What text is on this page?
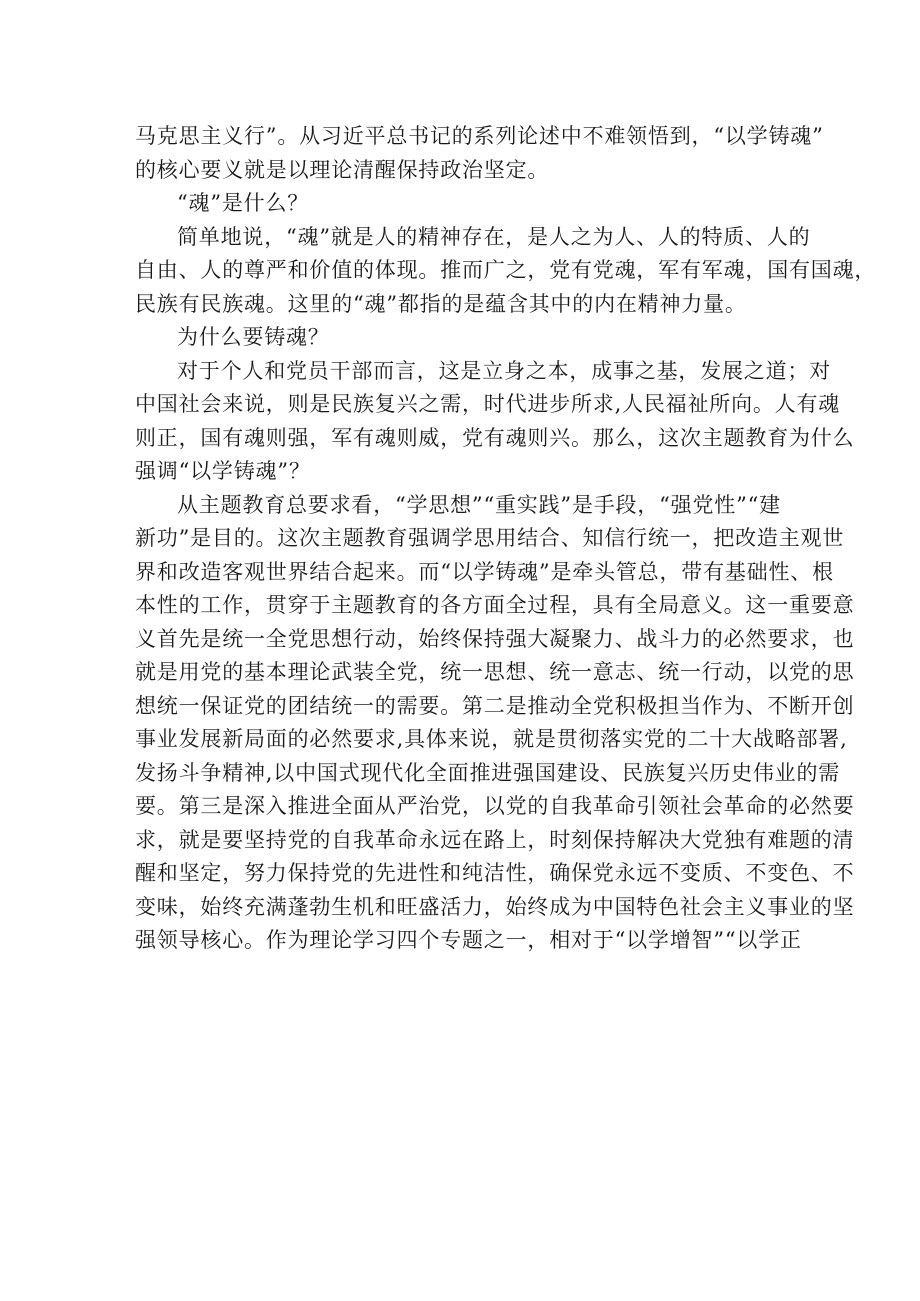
马克思主义行”。从习近平总书记的系列论述中不难领悟到，“以学铸魂”
的核心要义就是以理论清醒保持政治坚定。
“魂”是什么？
简单地说，“魂”就是人的精神存在，是人之为人、人的特质、人的
自由、人的尊严和价值的体现。推而广之，党有党魂，军有军魂，国有国魂，
民族有民族魂。这里的“魂”都指的是蕴含其中的内在精神力量。
为什么要铸魂？
对于个人和党员干部而言，这是立身之本，成事之基，发展之道；对
中国社会来说，则是民族复兴之需，时代进步所求,人民福祉所向。人有魂
则正，国有魂则强，军有魂则威，党有魂则兴。那么，这次主题教育为什么
强调“以学铸魂”？
从主题教育总要求看，“学思想”“重实践”是手段，“强党性”“建
新功”是目的。这次主题教育强调学思用结合、知信行统一，把改造主观世
界和改造客观世界结合起来。而“以学铸魂”是牵头管总，带有基础性、根
本性的工作，贯穿于主题教育的各方面全过程，具有全局意义。这一重要意
义首先是统一全党思想行动，始终保持强大凝聚力、战斗力的必然要求，也
就是用党的基本理论武装全党，统一思想、统一意志、统一行动，以党的思
想统一保证党的团结统一的需要。第二是推动全党积极担当作为、不断开创
事业发展新局面的必然要求,具体来说，就是贯彻落实党的二十大战略部署,
发扬斗争精神,以中国式现代化全面推进强国建设、民族复兴历史伟业的需
要。第三是深入推进全面从严治党，以党的自我革命引领社会革命的必然要
求，就是要坚持党的自我革命永远在路上，时刻保持解决大党独有难题的清
醒和坚定，努力保持党的先进性和纯洁性，确保党永远不变质、不变色、不
变味，始终充满蓬勃生机和旺盛活力，始终成为中国特色社会主义事业的坚
强领导核心。作为理论学习四个专题之一，相对于“以学增智”“以学正
